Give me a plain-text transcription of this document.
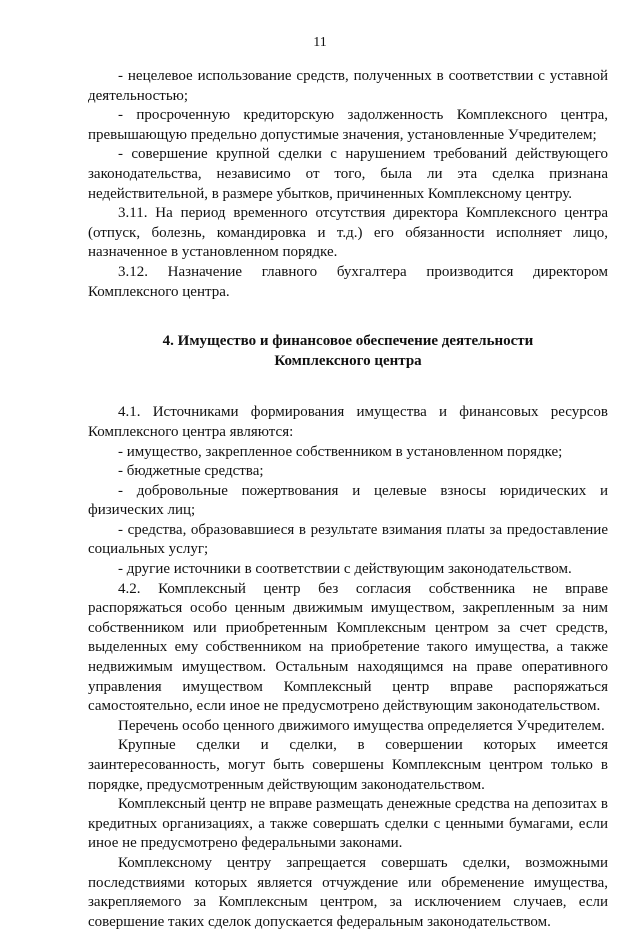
11

- нецелевое использование средств, полученных в соответствии с уставной деятельностью;

- просроченную кредиторскую задолженность Комплексного центра, превышающую предельно допустимые значения, установленные Учредителем;

- совершение крупной сделки с нарушением требований действующего законодательства, независимо от того, была ли эта сделка признана недействительной, в размере убытков, причиненных Комплексному центру.

3.11. На период временного отсутствия директора Комплексного центра (отпуск, болезнь, командировка и т.д.) его обязанности исполняет лицо, назначенное в установленном порядке.

3.12. Назначение главного бухгалтера производится директором Комплексного центра.

4. Имущество и финансовое обеспечение деятельности
Комплексного центра

4.1. Источниками формирования имущества и финансовых ресурсов Комплексного центра являются:

- имущество, закрепленное собственником в установленном порядке;

- бюджетные средства;

- добровольные пожертвования и целевые взносы юридических и физических лиц;

- средства, образовавшиеся в результате взимания платы за предоставление социальных услуг;

- другие источники в соответствии с действующим законодательством.

4.2. Комплексный центр без согласия собственника не вправе распоряжаться особо ценным движимым имуществом, закрепленным за ним собственником или приобретенным Комплексным центром за счет средств, выделенных ему собственником на приобретение такого имущества, а также недвижимым имуществом. Остальным находящимся на праве оперативного управления имуществом Комплексный центр вправе распоряжаться самостоятельно, если иное не предусмотрено действующим законодательством.

Перечень особо ценного движимого имущества определяется Учредителем.

Крупные сделки и сделки, в совершении которых имеется заинтересованность, могут быть совершены Комплексным центром только в порядке, предусмотренным действующим законодательством.

Комплексный центр не вправе размещать денежные средства на депозитах в кредитных организациях, а также совершать сделки с ценными бумагами, если иное не предусмотрено федеральными законами.

Комплексному центру запрещается совершать сделки, возможными последствиями которых является отчуждение или обременение имущества, закрепляемого за Комплексным центром, за исключением случаев, если совершение таких сделок допускается федеральным законодательством.
